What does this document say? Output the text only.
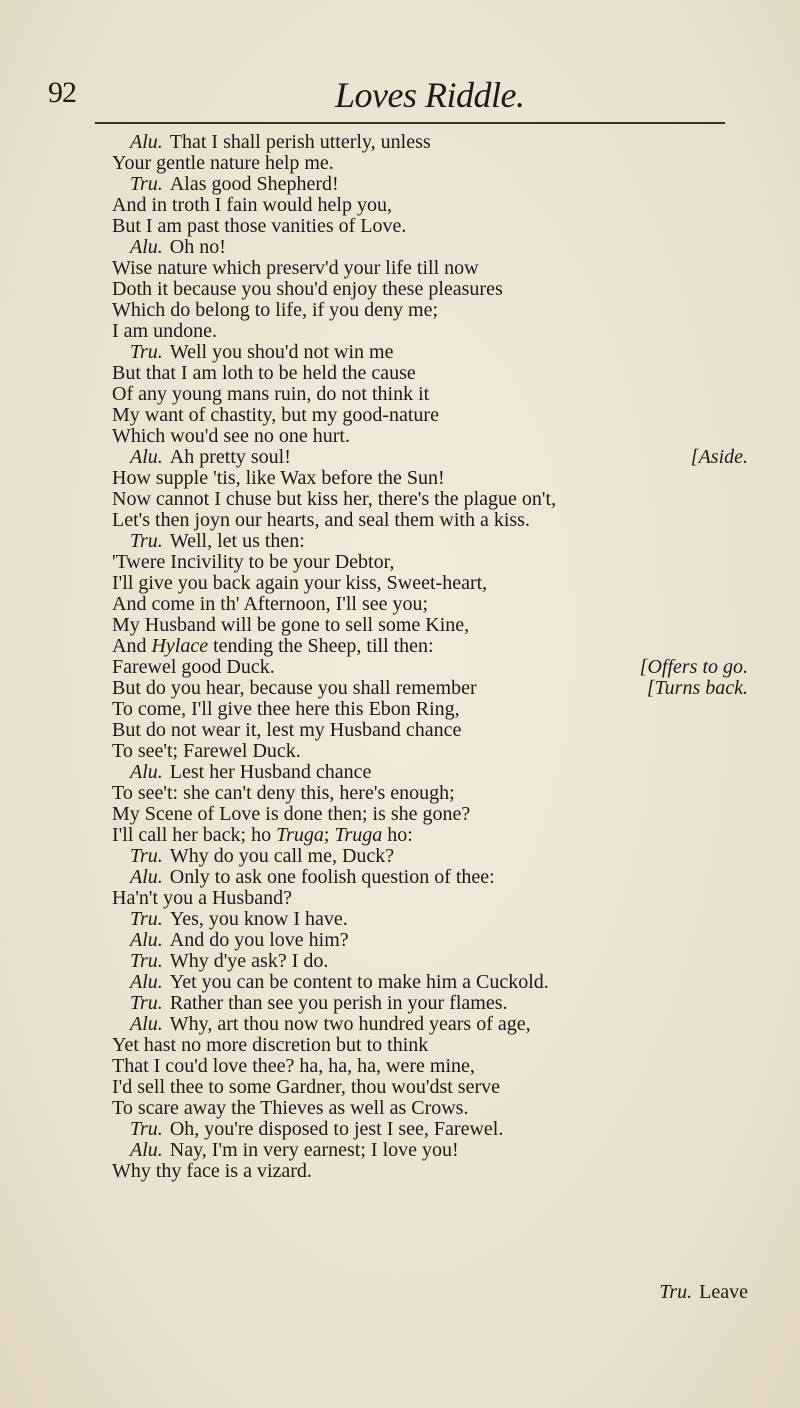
92	Loves Riddle.
Alu. That I shall perish utterly, unless
Your gentle nature help me.
Tru. Alas good Shepherd!
And in troth I fain would help you,
But I am past those vanities of Love.
Alu. Oh no!
Wise nature which preserv'd your life till now
Doth it because you shou'd enjoy these pleasures
Which do belong to life, if you deny me;
I am undone.
Tru. Well you shou'd not win me
But that I am loth to be held the cause
Of any young mans ruin, do not think it
My want of chastity, but my good-nature
Which wou'd see no one hurt.
Alu. Ah pretty soul!	[Aside.
How supple 'tis, like Wax before the Sun!
Now cannot I chuse but kiss her, there's the plague on't,
Let's then joyn our hearts, and seal them with a kiss.
Tru. Well, let us then:
'Twere Incivility to be your Debtor,
I'll give you back again your kiss, Sweet-heart,
And come in th' Afternoon, I'll see you;
My Husband will be gone to sell some Kine,
And Hylace tending the Sheep, till then:
Farewel good Duck.	[Offers to go.
But do you hear, because you shall remember	[Turns back.
To come, I'll give thee here this Ebon Ring,
But do not wear it, lest my Husband chance
To see't; Farewel Duck.
Alu. Lest her Husband chance
To see't: she can't deny this, here's enough;
My Scene of Love is done then; is she gone?
I'll call her back; ho Truga; Truga ho:
Tru. Why do you call me, Duck?
Alu. Only to ask one foolish question of thee:
Ha'n't you a Husband?
Tru. Yes, you know I have.
Alu. And do you love him?
Tru. Why d'ye ask? I do.
Alu. Yet you can be content to make him a Cuckold.
Tru. Rather than see you perish in your flames.
Alu. Why, art thou now two hundred years of age,
Yet hast no more discretion but to think
That I cou'd love thee? ha, ha, ha, were mine,
I'd sell thee to some Gardner, thou wou'dst serve
To scare away the Thieves as well as Crows.
Tru. Oh, you're disposed to jest I see, Farewel.
Alu. Nay, I'm in very earnest; I love you!
Why thy face is a vizard.
Tru. Leave
